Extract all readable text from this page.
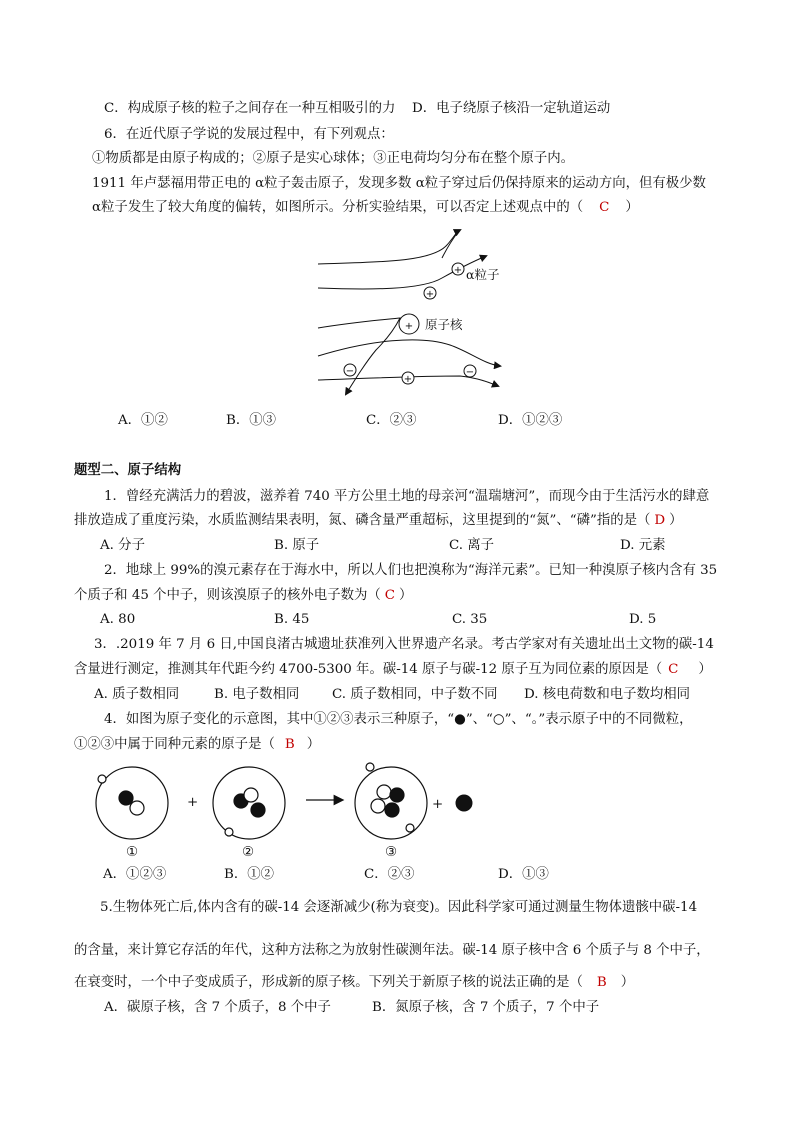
C．构成原子核的粒子之间存在一种互相吸引的力 D．电子绕原子核沿一定轨道运动
6．在近代原子学说的发展过程中，有下列观点：
①物质都是由原子构成的；②原子是实心球体；③正电荷均匀分布在整个原子内。
1911 年卢瑟福用带正电的 α粒子轰击原子，发现多数 α粒子穿过后仍保持原来的运动方向，但有极少数
α粒子发生了较大角度的偏转，如图所示。分析实验结果，可以否定上述观点中的（ C ）
+
+
−
+
−
+
α粒子
原子核
A．①②	B．①③	C．②③	D．①②③
题型二、原子结构
1．曾经充满活力的碧波，滋养着 740 平方公里土地的母亲河“温瑞塘河”，而现今由于生活污水的肆意
排放造成了重度污染，水质监测结果表明，氮、磷含量严重超标，这里提到的“氮”、“磷”指的是（ D ）
A. 分子	B. 原子	C. 离子	D. 元素
2．地球上 99%的溴元素存在于海水中，所以人们也把溴称为“海洋元素”。已知一种溴原子核内含有 35
个质子和 45 个中子，则该溴原子的核外电子数为（ C ）
A. 80	B. 45	C. 35	D. 5
3．.2019 年 7 月 6 日,中国良渚古城遗址获准列入世界遗产名录。考古学家对有关遗址出土文物的碳-14
含量进行测定，推测其年代距今约 4700-5300 年。碳-14 原子与碳-12 原子互为同位素的原因是（ C ）
A. 质子数相同	B. 电子数相同 C. 质子数相同，中子数不同 D. 核电荷数和电子数均相同
4．如图为原子变化的示意图，其中①②③表示三种原子，“●”、“○”、“。”表示原子中的不同微粒，
①②③中属于同种元素的原子是（ B ）
+	+
①	②	③
A．①②③	B．①②	C．②③	D．①③
5.生物体死亡后,体内含有的碳-14 会逐渐减少(称为衰变)。因此科学家可通过测量生物体遗骸中碳-14
的含量，来计算它存活的年代，这种方法称之为放射性碳测年法。碳-14 原子核中含 6 个质子与 8 个中子，
在衰变时，一个中子变成质子，形成新的原子核。下列关于新原子核的说法正确的是（ B ）
A．碳原子核，含 7 个质子，8 个中子	B．氮原子核，含 7 个质子，7 个中子
